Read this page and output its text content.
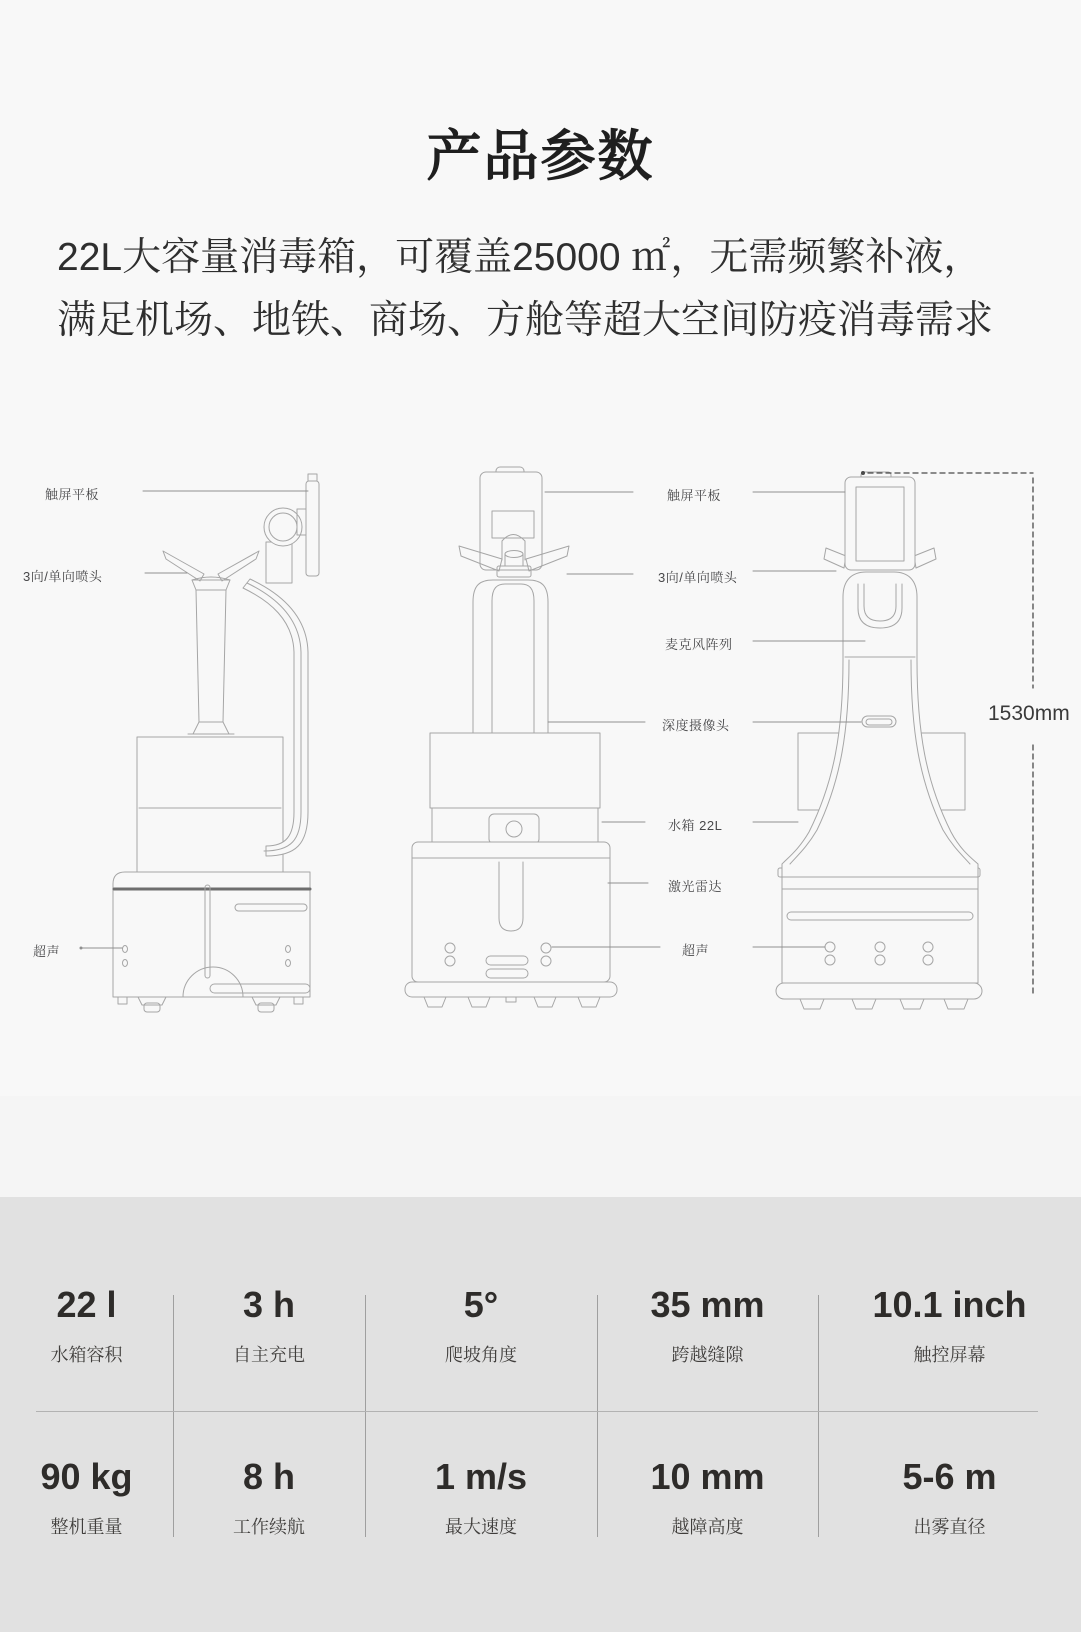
产品参数
22L大容量消毒箱，可覆盖25000 ㎡，无需频繁补液，
满足机场、地铁、商场、方舱等超大空间防疫消毒需求
触屏平板
3向/单向喷头
超声
触屏平板
3向/单向喷头
麦克风阵列
深度摄像头
水箱 22L
激光雷达
超声
1530mm
22 l
水箱容积
3 h
自主充电
5°
爬坡角度
35 mm
跨越缝隙
10.1 inch
触控屏幕
90 kg
整机重量
8 h
工作续航
1 m/s
最大速度
10 mm
越障高度
5-6 m
出雾直径
